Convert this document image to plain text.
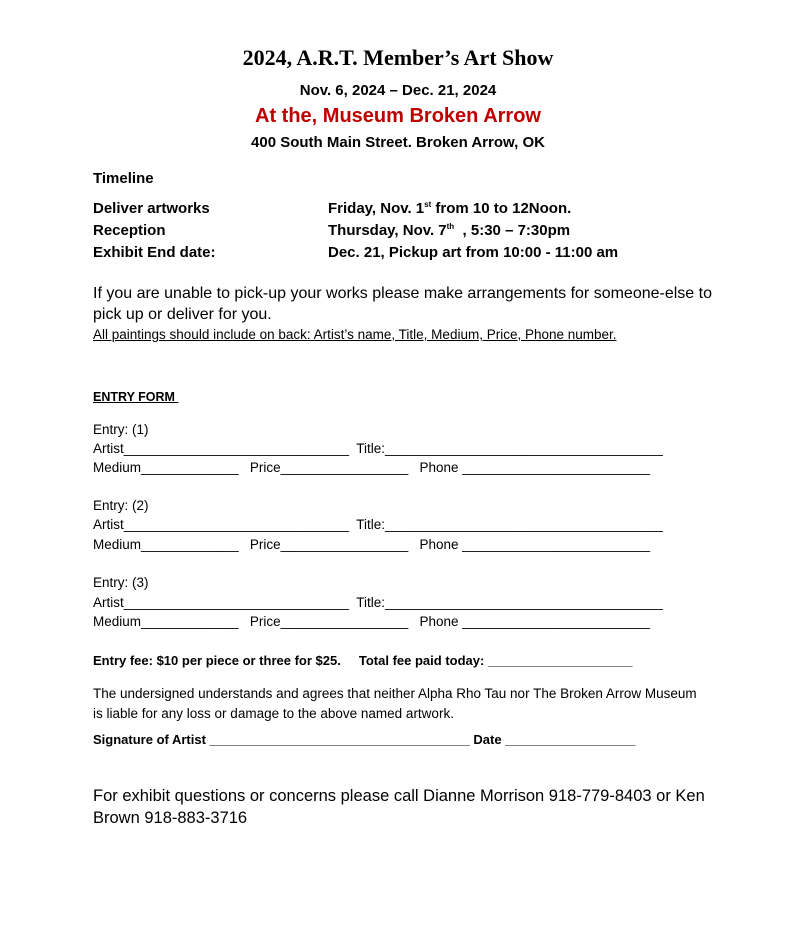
2024, A.R.T. Member’s Art Show
Nov. 6, 2024 – Dec. 21, 2024
At the, Museum Broken Arrow
400 South Main Street. Broken Arrow, OK
Timeline
Deliver artworks	Friday, Nov. 1st from 10 to 12Noon.
Reception	Thursday, Nov. 7th  , 5:30 – 7:30pm
Exhibit End date:	Dec. 21, Pickup art from 10:00 - 11:00 am
If you are unable to pick-up your works please make arrangements for someone-else to pick up or deliver for you.
All paintings should include on back: Artist’s name, Title, Medium, Price, Phone number.
ENTRY FORM
Entry: (1)
Artist______________________________  Title:_____________________________________
Medium_____________   Price_________________   Phone _________________________
Entry: (2)
Artist______________________________  Title:_____________________________________
Medium_____________   Price_________________   Phone _________________________
Entry: (3)
Artist______________________________  Title:_____________________________________
Medium_____________   Price_________________   Phone _________________________
Entry fee: $10 per piece or three for $25.     Total fee paid today: ____________________
The undersigned understands and agrees that neither Alpha Rho Tau nor The Broken Arrow Museum is liable for any loss or damage to the above named artwork.
Signature of Artist ____________________________________ Date __________________
For exhibit questions or concerns please call Dianne Morrison 918-779-8403 or Ken Brown 918-883-3716
